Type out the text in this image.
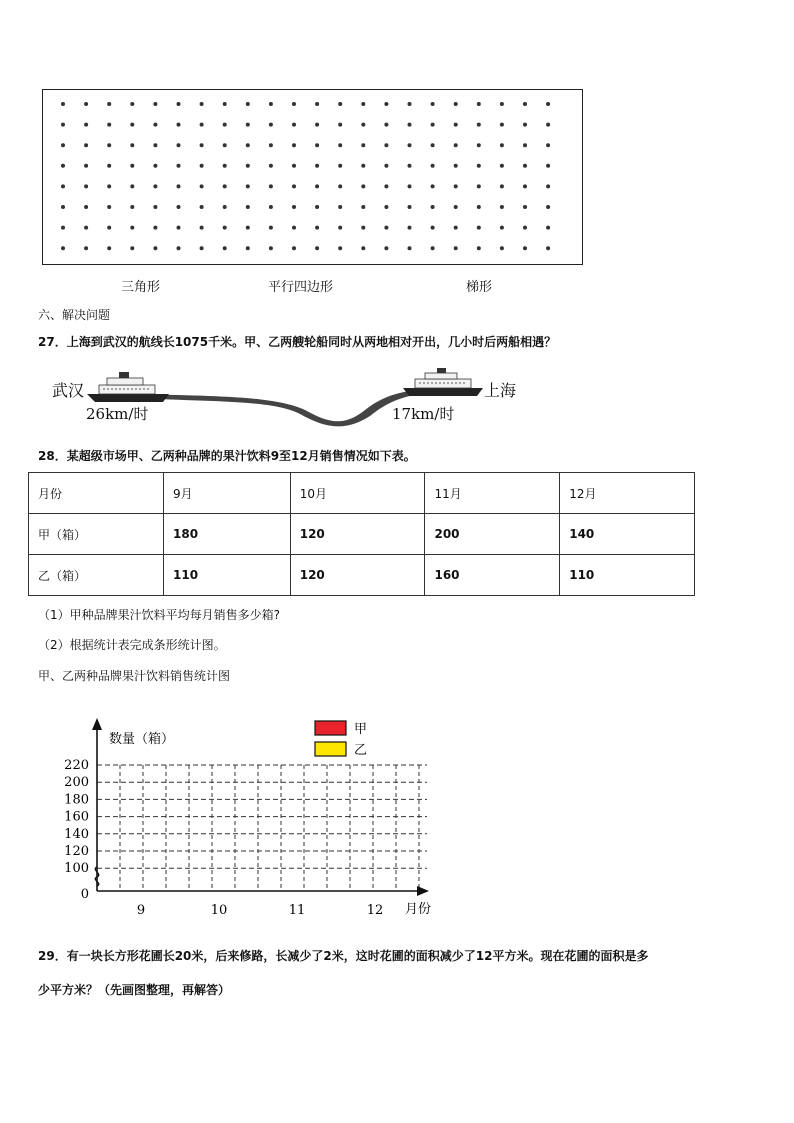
三角形	平行四边形	梯形
六、解决问题
27．上海到武汉的航线长1075千米。甲、乙两艘轮船同时从两地相对开出，几小时后两船相遇？
武汉	上海
26km/时	17km/时
28．某超级市场甲、乙两种品牌的果汁饮料9至12月销售情况如下表。
月份	9月	10月	11月	12月
甲（箱）	180	120	200	140
乙（箱）	110	120	160	110
（1）甲种品牌果汁饮料平均每月销售多少箱?
（2）根据统计表完成条形统计图。
甲、乙两种品牌果汁饮料销售统计图
220
200
180
160
140
120
100
0
数量（箱）
9	10	11	12 月份
甲
乙
29．有一块长方形花圃长20米，后来修路，长减少了2米，这时花圃的面积减少了12平方米。现在花圃的面积是多
少平方米？（先画图整理，再解答）
